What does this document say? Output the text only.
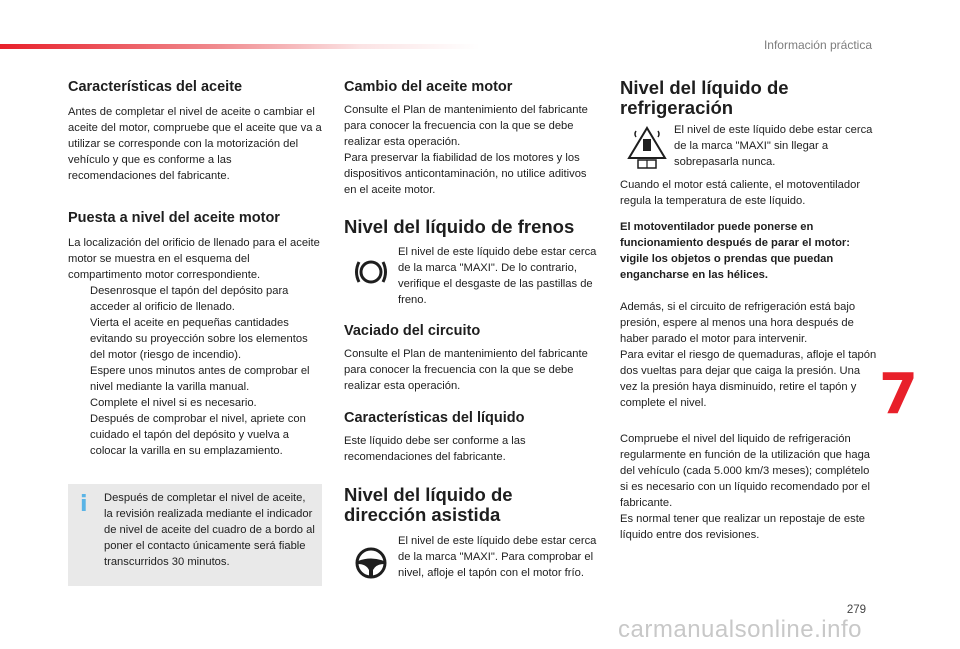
Información práctica
Características del aceite

Antes de completar el nivel de aceite o cambiar el aceite del motor, compruebe que el aceite que va a utilizar se corresponde con la motorización del vehículo y que es conforme a las recomendaciones del fabricante.

Puesta a nivel del aceite motor

La localización del orificio de llenado para el aceite motor se muestra en el esquema del compartimento motor correspondiente.

Desenrosque el tapón del depósito para acceder al orificio de llenado.
Vierta el aceite en pequeñas cantidades evitando su proyección sobre los elementos del motor (riesgo de incendio).
Espere unos minutos antes de comprobar el nivel mediante la varilla manual.
Complete el nivel si es necesario.
Después de comprobar el nivel, apriete con cuidado el tapón del depósito y vuelva a colocar la varilla en su emplazamiento.
i Después de completar el nivel de aceite, la revisión realizada mediante el indicador de nivel de aceite del cuadro de a bordo al poner el contacto únicamente será fiable transcurridos 30 minutos.

Cambio del aceite motor

Consulte el Plan de mantenimiento del fabricante para conocer la frecuencia con la que se debe realizar esta operación.

Para preservar la fiabilidad de los motores y los dispositivos anticontaminación, no utilice aditivos en el aceite motor.

Nivel del líquido de frenos

El nivel de este líquido debe estar cerca de la marca "MAXI". De lo contrario, verifique el desgaste de las pastillas de freno.

Vaciado del circuito

Consulte el Plan de mantenimiento del fabricante para conocer la frecuencia con la que se debe realizar esta operación.

Características del líquido

Este líquido debe ser conforme a las recomendaciones del fabricante.

Nivel del líquido de
dirección asistida

El nivel de este líquido debe estar cerca de la marca "MAXI". Para comprobar el nivel, afloje el tapón con el motor frío.

Nivel del líquido de
refrigeración

El nivel de este líquido debe estar cerca de la marca "MAXI" sin llegar a sobrepasarla nunca.

Cuando el motor está caliente, el motoventilador regula la temperatura de este líquido.

El motoventilador puede ponerse en funcionamiento después de parar el motor: vigile los objetos o prendas que puedan engancharse en las hélices.

Además, si el circuito de refrigeración está bajo presión, espere al menos una hora después de haber parado el motor para intervenir.

Para evitar el riesgo de quemaduras, afloje el tapón dos vueltas para dejar que caiga la presión. Una vez la presión haya disminuido, retire el tapón y complete el nivel.

Compruebe el nivel del liquido de refrigeración regularmente en función de la utilización que haga del vehículo (cada 5.000 km/3 meses); complételo si es necesario con un líquido recomendado por el fabricante.

Es normal tener que realizar un repostaje de este líquido entre dos revisiones.

7
279
carmanualsonline.info
